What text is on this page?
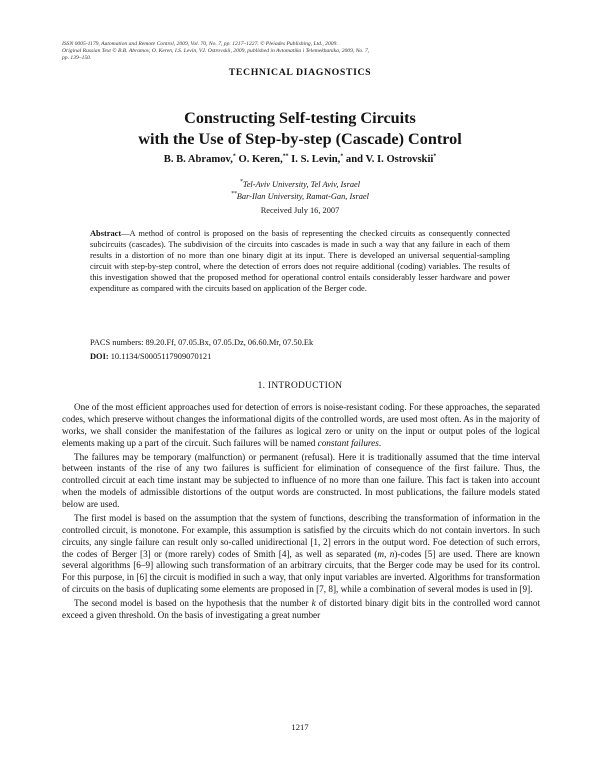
ISSN 0005-1179, Automation and Remote Control, 2009, Vol. 70, No. 7, pp. 1217–1227. © Pleiades Publishing, Ltd., 2009.
Original Russian Text © B.B. Abramov, O. Keren, I.S. Levin, V.I. Ostrovskii, 2009, published in Avtomatika i Telemekhanika, 2009, No. 7,
pp. 139–150.
TECHNICAL DIAGNOSTICS
Constructing Self-testing Circuits
with the Use of Step-by-step (Cascade) Control
B. B. Abramov,* O. Keren,** I. S. Levin,* and V. I. Ostrovskii*
*Tel-Aviv University, Tel Aviv, Israel
**Bar-Ilan University, Ramat-Gan, Israel
Received July 16, 2007
Abstract—A method of control is proposed on the basis of representing the checked circuits as consequently connected subcircuits (cascades). The subdivision of the circuits into cascades is made in such a way that any failure in each of them results in a distortion of no more than one binary digit at its input. There is developed an universal sequential-sampling circuit with step-by-step control, where the detection of errors does not require additional (coding) variables. The results of this investigation showed that the proposed method for operational control entails considerably lesser hardware and power expenditure as compared with the circuits based on application of the Berger code.
PACS numbers: 89.20.Ff, 07.05.Bx, 07.05.Dz, 06.60.Mr, 07.50.Ek
DOI: 10.1134/S0005117909070121
1. INTRODUCTION

One of the most efficient approaches used for detection of errors is noise-resistant coding. For these approaches, the separated codes, which preserve without changes the informational digits of the controlled words, are used most often. As in the majority of works, we shall consider the manifestation of the failures as logical zero or unity on the input or output poles of the logical elements making up a part of the circuit. Such failures will be named constant failures.

The failures may be temporary (malfunction) or permanent (refusal). Here it is traditionally assumed that the time interval between instants of the rise of any two failures is sufficient for elimination of consequence of the first failure. Thus, the controlled circuit at each time instant may be subjected to influence of no more than one failure. This fact is taken into account when the models of admissible distortions of the output words are constructed. In most publications, the failure models stated below are used.

The first model is based on the assumption that the system of functions, describing the transformation of information in the controlled circuit, is monotone. For example, this assumption is satisfied by the circuits which do not contain invertors. In such circuits, any single failure can result only so-called unidirectional [1, 2] errors in the output word. Foe detection of such errors, the codes of Berger [3] or (more rarely) codes of Smith [4], as well as separated (m, n)-codes [5] are used. There are known several algorithms [6–9] allowing such transformation of an arbitrary circuits, that the Berger code may be used for its control. For this purpose, in [6] the circuit is modified in such a way, that only input variables are inverted. Algorithms for transformation of circuits on the basis of duplicating some elements are proposed in [7, 8], while a combination of several modes is used in [9].

The second model is based on the hypothesis that the number k of distorted binary digit bits in the controlled word cannot exceed a given threshold. On the basis of investigating a great number

1217
